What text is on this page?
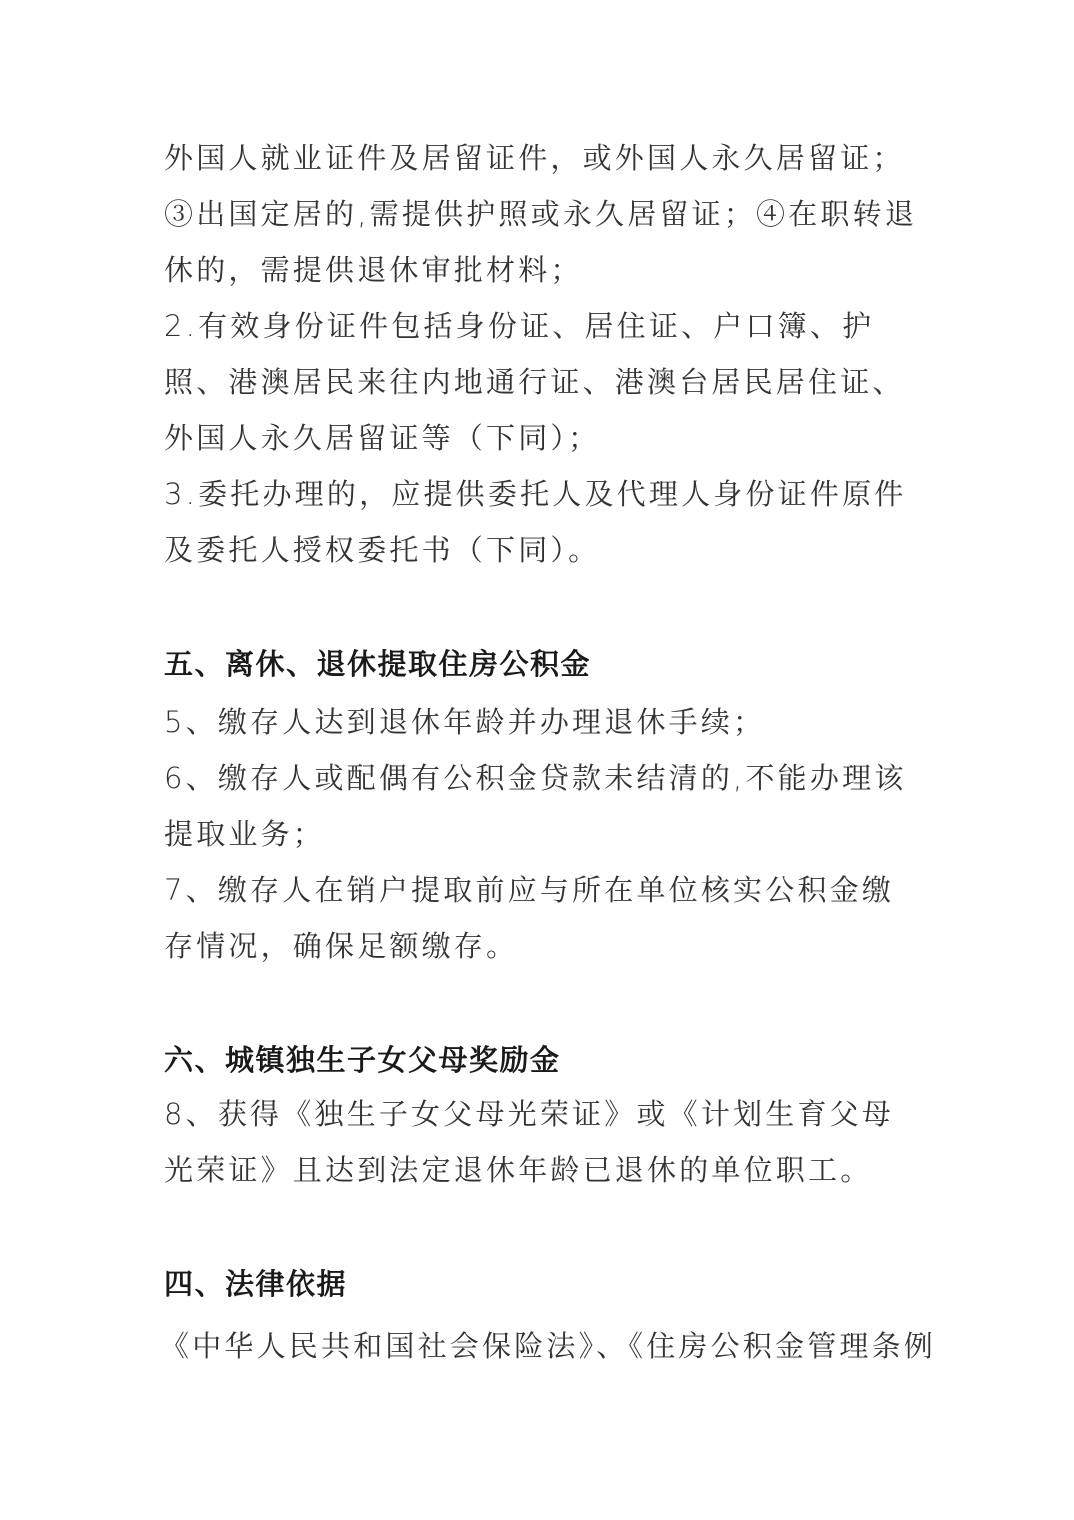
外国人就业证件及居留证件，或外国人永久居留证；③出国定居的,需提供护照或永久居留证；④在职转退休的，需提供退休审批材料；

2.有效身份证件包括身份证、居住证、户口簿、护照、港澳居民来往内地通行证、港澳台居民居住证、外国人永久居留证等（下同）；

3.委托办理的，应提供委托人及代理人身份证件原件及委托人授权委托书（下同）。

五、离休、退休提取住房公积金

5、缴存人达到退休年龄并办理退休手续；

6、缴存人或配偶有公积金贷款未结清的,不能办理该提取业务；

7、缴存人在销户提取前应与所在单位核实公积金缴存情况，确保足额缴存。

六、城镇独生子女父母奖励金

8、获得《独生子女父母光荣证》或《计划生育父母光荣证》且达到法定退休年龄已退休的单位职工。

四、法律依据

《中华人民共和国社会保险法》、《住房公积金管理条例
